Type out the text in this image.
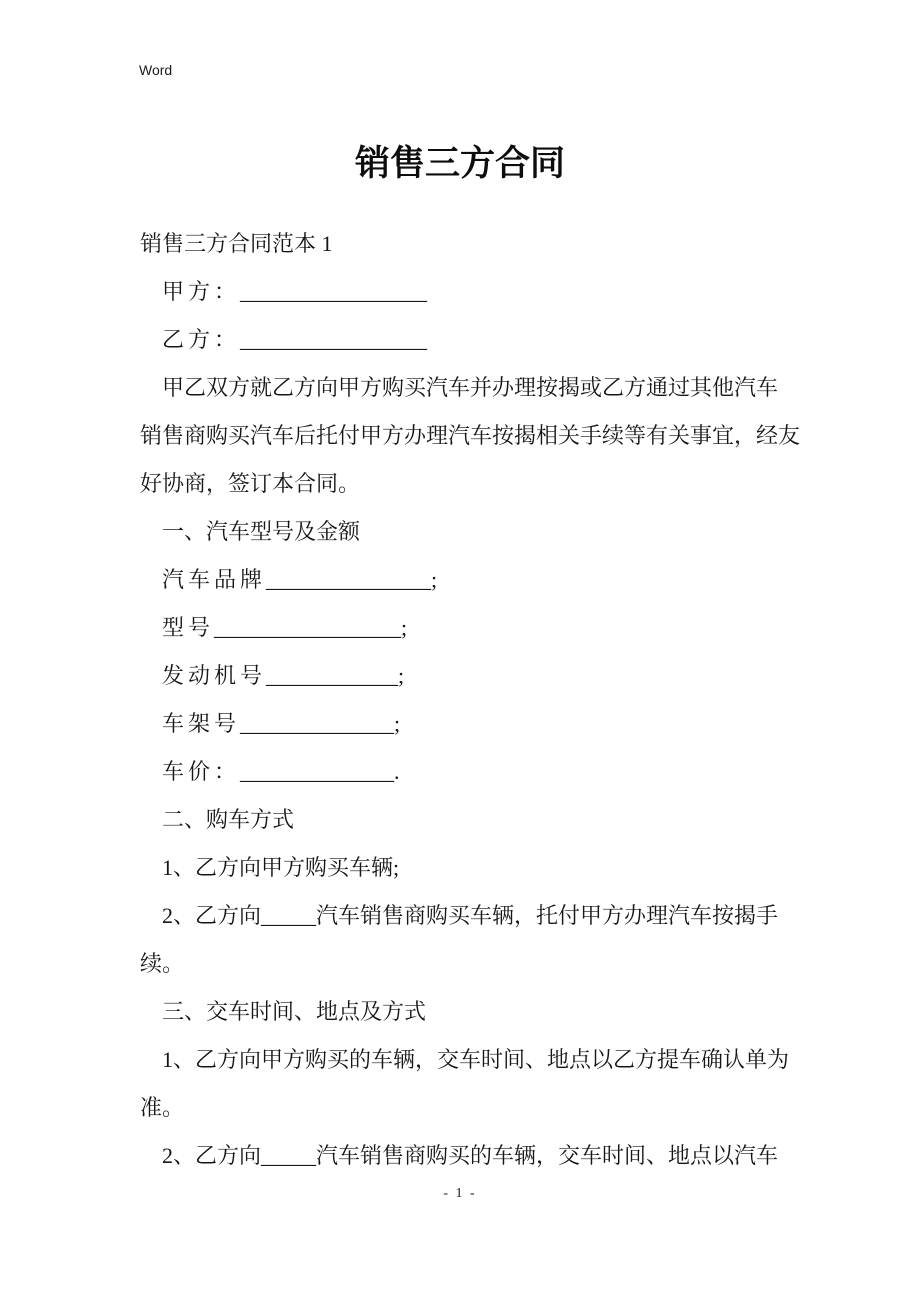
Word
销售三方合同
销售三方合同范本 1
甲方：_________________
乙方：_________________
甲乙双方就乙方向甲方购买汽车并办理按揭或乙方通过其他汽车
销售商购买汽车后托付甲方办理汽车按揭相关手续等有关事宜，经友
好协商，签订本合同。
一、汽车型号及金额
汽车品牌_______________;
型号_________________;
发动机号____________;
车架号______________;
车价：______________.
二、购车方式
1、乙方向甲方购买车辆;
2、乙方向_____汽车销售商购买车辆，托付甲方办理汽车按揭手
续。
三、交车时间、地点及方式
1、乙方向甲方购买的车辆，交车时间、地点以乙方提车确认单为
准。
2、乙方向_____汽车销售商购买的车辆，交车时间、地点以汽车
- 1 -
